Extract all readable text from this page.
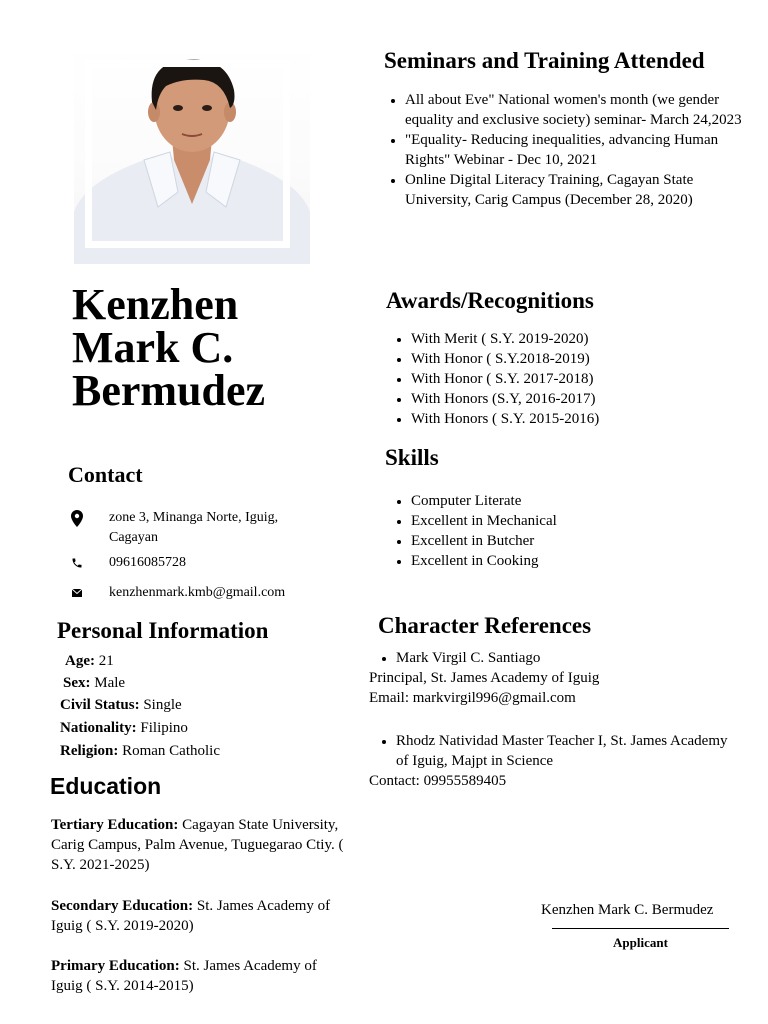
Kenzhen
Mark C.
Bermudez
Contact
zone 3, Minanga Norte, Iguig, Cagayan
09616085728
kenzhenmark.kmb@gmail.com
Personal Information
Age: 21
Sex: Male
Civil Status: Single
Nationality: Filipino
Religion: Roman Catholic
Education
Tertiary Education: Cagayan State University, Carig Campus, Palm Avenue, Tuguegarao Ctiy. ( S.Y. 2021-2025)
Secondary Education: St. James Academy of Iguig ( S.Y. 2019-2020)
Primary Education: St. James Academy of Iguig ( S.Y. 2014-2015)
Seminars and Training Attended
All about Eve" National women's month (we gender equality and exclusive society) seminar- March 24,2023
"Equality- Reducing inequalities, advancing Human Rights" Webinar - Dec 10, 2021
Online Digital Literacy Training, Cagayan State University, Carig Campus (December 28, 2020)
Awards/Recognitions
With Merit ( S.Y. 2019-2020)
With Honor ( S.Y.2018-2019)
With Honor ( S.Y. 2017-2018)
With Honors (S.Y, 2016-2017)
With Honors ( S.Y. 2015-2016)
Skills
Computer Literate
Excellent in Mechanical
Excellent in Butcher
Excellent in Cooking
Character References
Mark Virgil C. Santiago
Principal, St. James Academy of Iguig
Email: markvirgil996@gmail.com
Rhodz Natividad Master Teacher I, St. James Academy of Iguig, Majpt in Science
Contact: 09955589405
Kenzhen Mark C. Bermudez
Applicant
